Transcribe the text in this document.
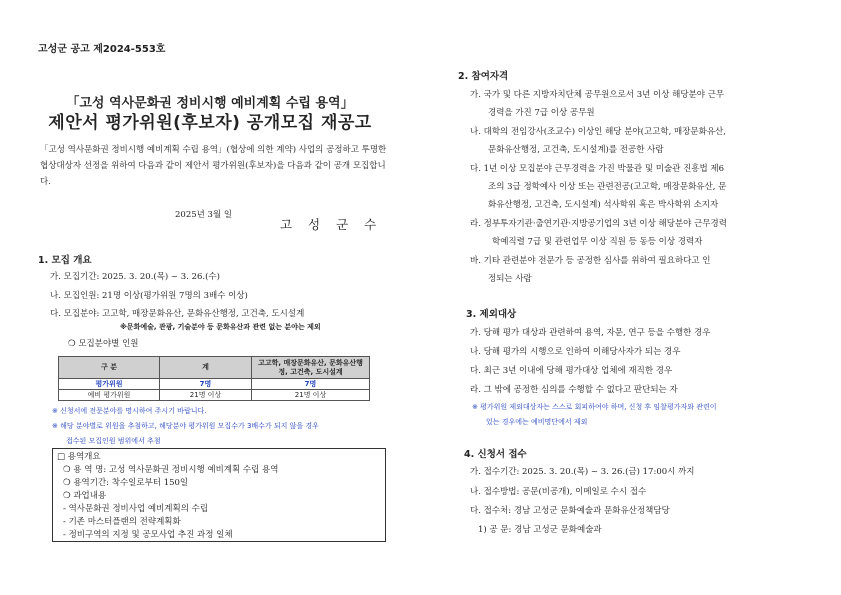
고성군 공고 제2024-553호
「고성 역사문화권 정비시행 예비계획 수립 용역」
제안서 평가위원(후보자) 공개모집 재공고
「고성 역사문화권 정비시행 예비계획 수립 용역」(협상에 의한 계약) 사업의 공정하고 투명한 협상대상자 선정을 위하여 다음과 같이 제안서 평가위원(후보자)을 다음과 같이 공개 모집합니다.
2025년 3월 일
고 성 군 수
1. 모집 개요
가. 모집기간: 2025. 3. 20.(목) ~ 3. 26.(수)
나. 모집인원: 21명 이상(평가위원 7명의 3배수 이상)
다. 모집분야: 고고학, 매장문화유산, 문화유산행정, 고건축, 도시설계
※문화예술, 관광, 기술분야 등 문화유산과 관련 없는 분야는 제외
❍ 모집분야별 인원
구 분	계	고고학, 매장문화유산, 문화유산행정, 고건축, 도시설계
평가위원	7명	7명
예비 평가위원	21명 이상	21명 이상
※ 신청서에 전문분야를 명시하여 주시기 바랍니다.
※ 해당 분야별로 위원을 추첨하고, 해당분야 평가위원 모집수가 3배수가 되지 않을 경우
접수된 모집인원 범위에서 추첨
□ 용역개요
❍ 용 역 명: 고성 역사문화권 정비시행 예비계획 수립 용역
❍ 용역기간: 착수일로부터 150일
❍ 과업내용
- 역사문화권 정비사업 예비계획의 수립
- 기존 마스터플랜의 전략계획화
- 정비구역의 지정 및 공모사업 추진 과정 일체
2. 참여자격
가. 국가 및 다른 지방자치단체 공무원으로서 3년 이상 해당분야 근무
경력을 가진 7급 이상 공무원
나. 대학의 전임강사(조교수) 이상인 해당 분야(고고학, 매장문화유산,
문화유산행정, 고건축, 도시설계)를 전공한 사람
다. 1년 이상 모집분야 근무경력을 가진 박물관 및 미술관 진흥법 제6
조의 3급 정학예사 이상 또는 관련전공(고고학, 매장문화유산, 문
화유산행정, 고건축, 도시설계) 석사학위 혹은 박사학위 소지자
라. 정부투자기관·출연기관·지방공기업의 3년 이상 해당분야 근무경력
학예직렬 7급 및 관련업무 이상 직원 등 동등 이상 경력자
바. 기타 관련분야 전문가 등 공정한 심사를 위하여 필요하다고 인
정되는 사람
3. 제외대상
가. 당해 평가 대상과 관련하여 용역, 자문, 연구 등을 수행한 경우
나. 당해 평가의 시행으로 인하여 이해당사자가 되는 경우
다. 최근 3년 이내에 당해 평가대상 업체에 재직한 경우
라. 그 밖에 공정한 심의를 수행할 수 없다고 판단되는 자
※ 평가위원 제외대상자는 스스로 회피하여야 하며, 신청 후 임찰평가자와 관련이
있는 경우에는 예비명단에서 제외
4. 신청서 접수
가. 접수기간: 2025. 3. 20.(목) ~ 3. 26.(금) 17:00시 까지
나. 접수방법: 공문(비공개), 이메일로 수시 접수
다. 접수처: 경남 고성군 문화예술과 문화유산정책담당
1) 공 문: 경남 고성군 문화예술과
